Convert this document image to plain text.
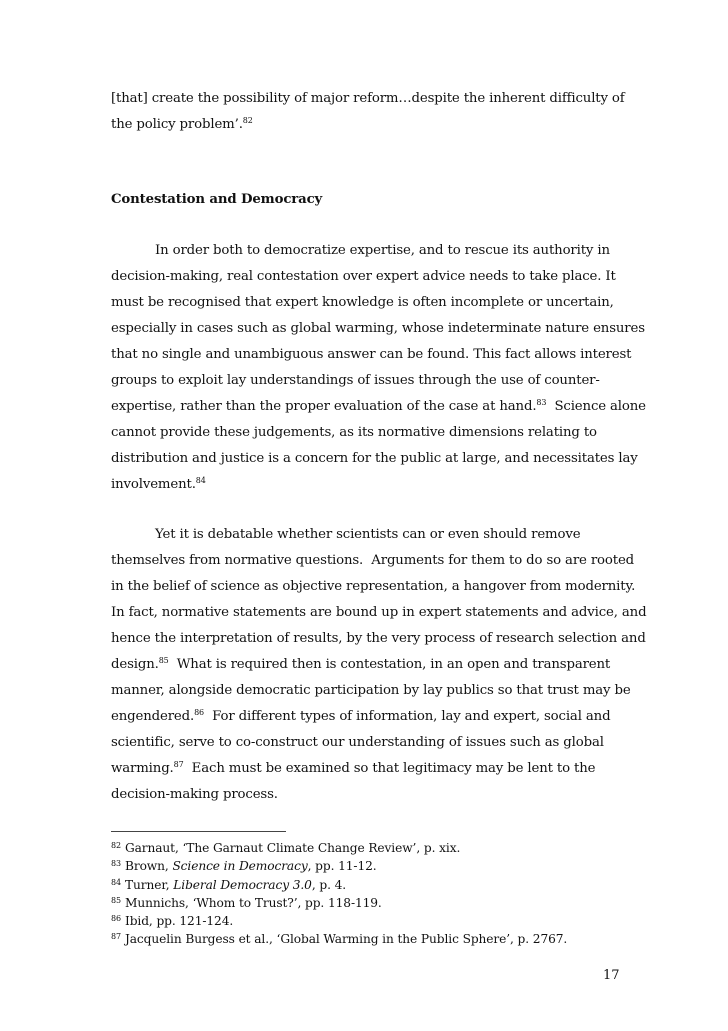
[that] create the possibility of major reform…despite the inherent difficulty of
the policy problem’.$^{82}$
Contestation and Democracy
In order both to democratize expertise, and to rescue its authority in
decision-making, real contestation over expert advice needs to take place. It
must be recognised that expert knowledge is often incomplete or uncertain,
especially in cases such as global warming, whose indeterminate nature ensures
that no single and unambiguous answer can be found. This fact allows interest
groups to exploit lay understandings of issues through the use of counter-
expertise, rather than the proper evaluation of the case at hand.$^{83}$  Science alone
cannot provide these judgements, as its normative dimensions relating to
distribution and justice is a concern for the public at large, and necessitates lay
involvement.$^{84}$
Yet it is debatable whether scientists can or even should remove
themselves from normative questions.  Arguments for them to do so are rooted
in the belief of science as objective representation, a hangover from modernity.
In fact, normative statements are bound up in expert statements and advice, and
hence the interpretation of results, by the very process of research selection and
design.$^{85}$  What is required then is contestation, in an open and transparent
manner, alongside democratic participation by lay publics so that trust may be
engendered.$^{86}$  For different types of information, lay and expert, social and
scientific, serve to co-construct our understanding of issues such as global
warming.$^{87}$  Each must be examined so that legitimacy may be lent to the
decision-making process.
$^{82}$ Garnaut, ‘The Garnaut Climate Change Review’, p. xix.
$^{83}$ Brown, Science in Democracy, pp. 11-12.
$^{84}$ Turner, Liberal Democracy 3.0, p. 4.
$^{85}$ Munnichs, ‘Whom to Trust?’, pp. 118-119.
$^{86}$ Ibid, pp. 121-124.
$^{87}$ Jacquelin Burgess et al., ‘Global Warming in the Public Sphere’, p. 2767.
17
